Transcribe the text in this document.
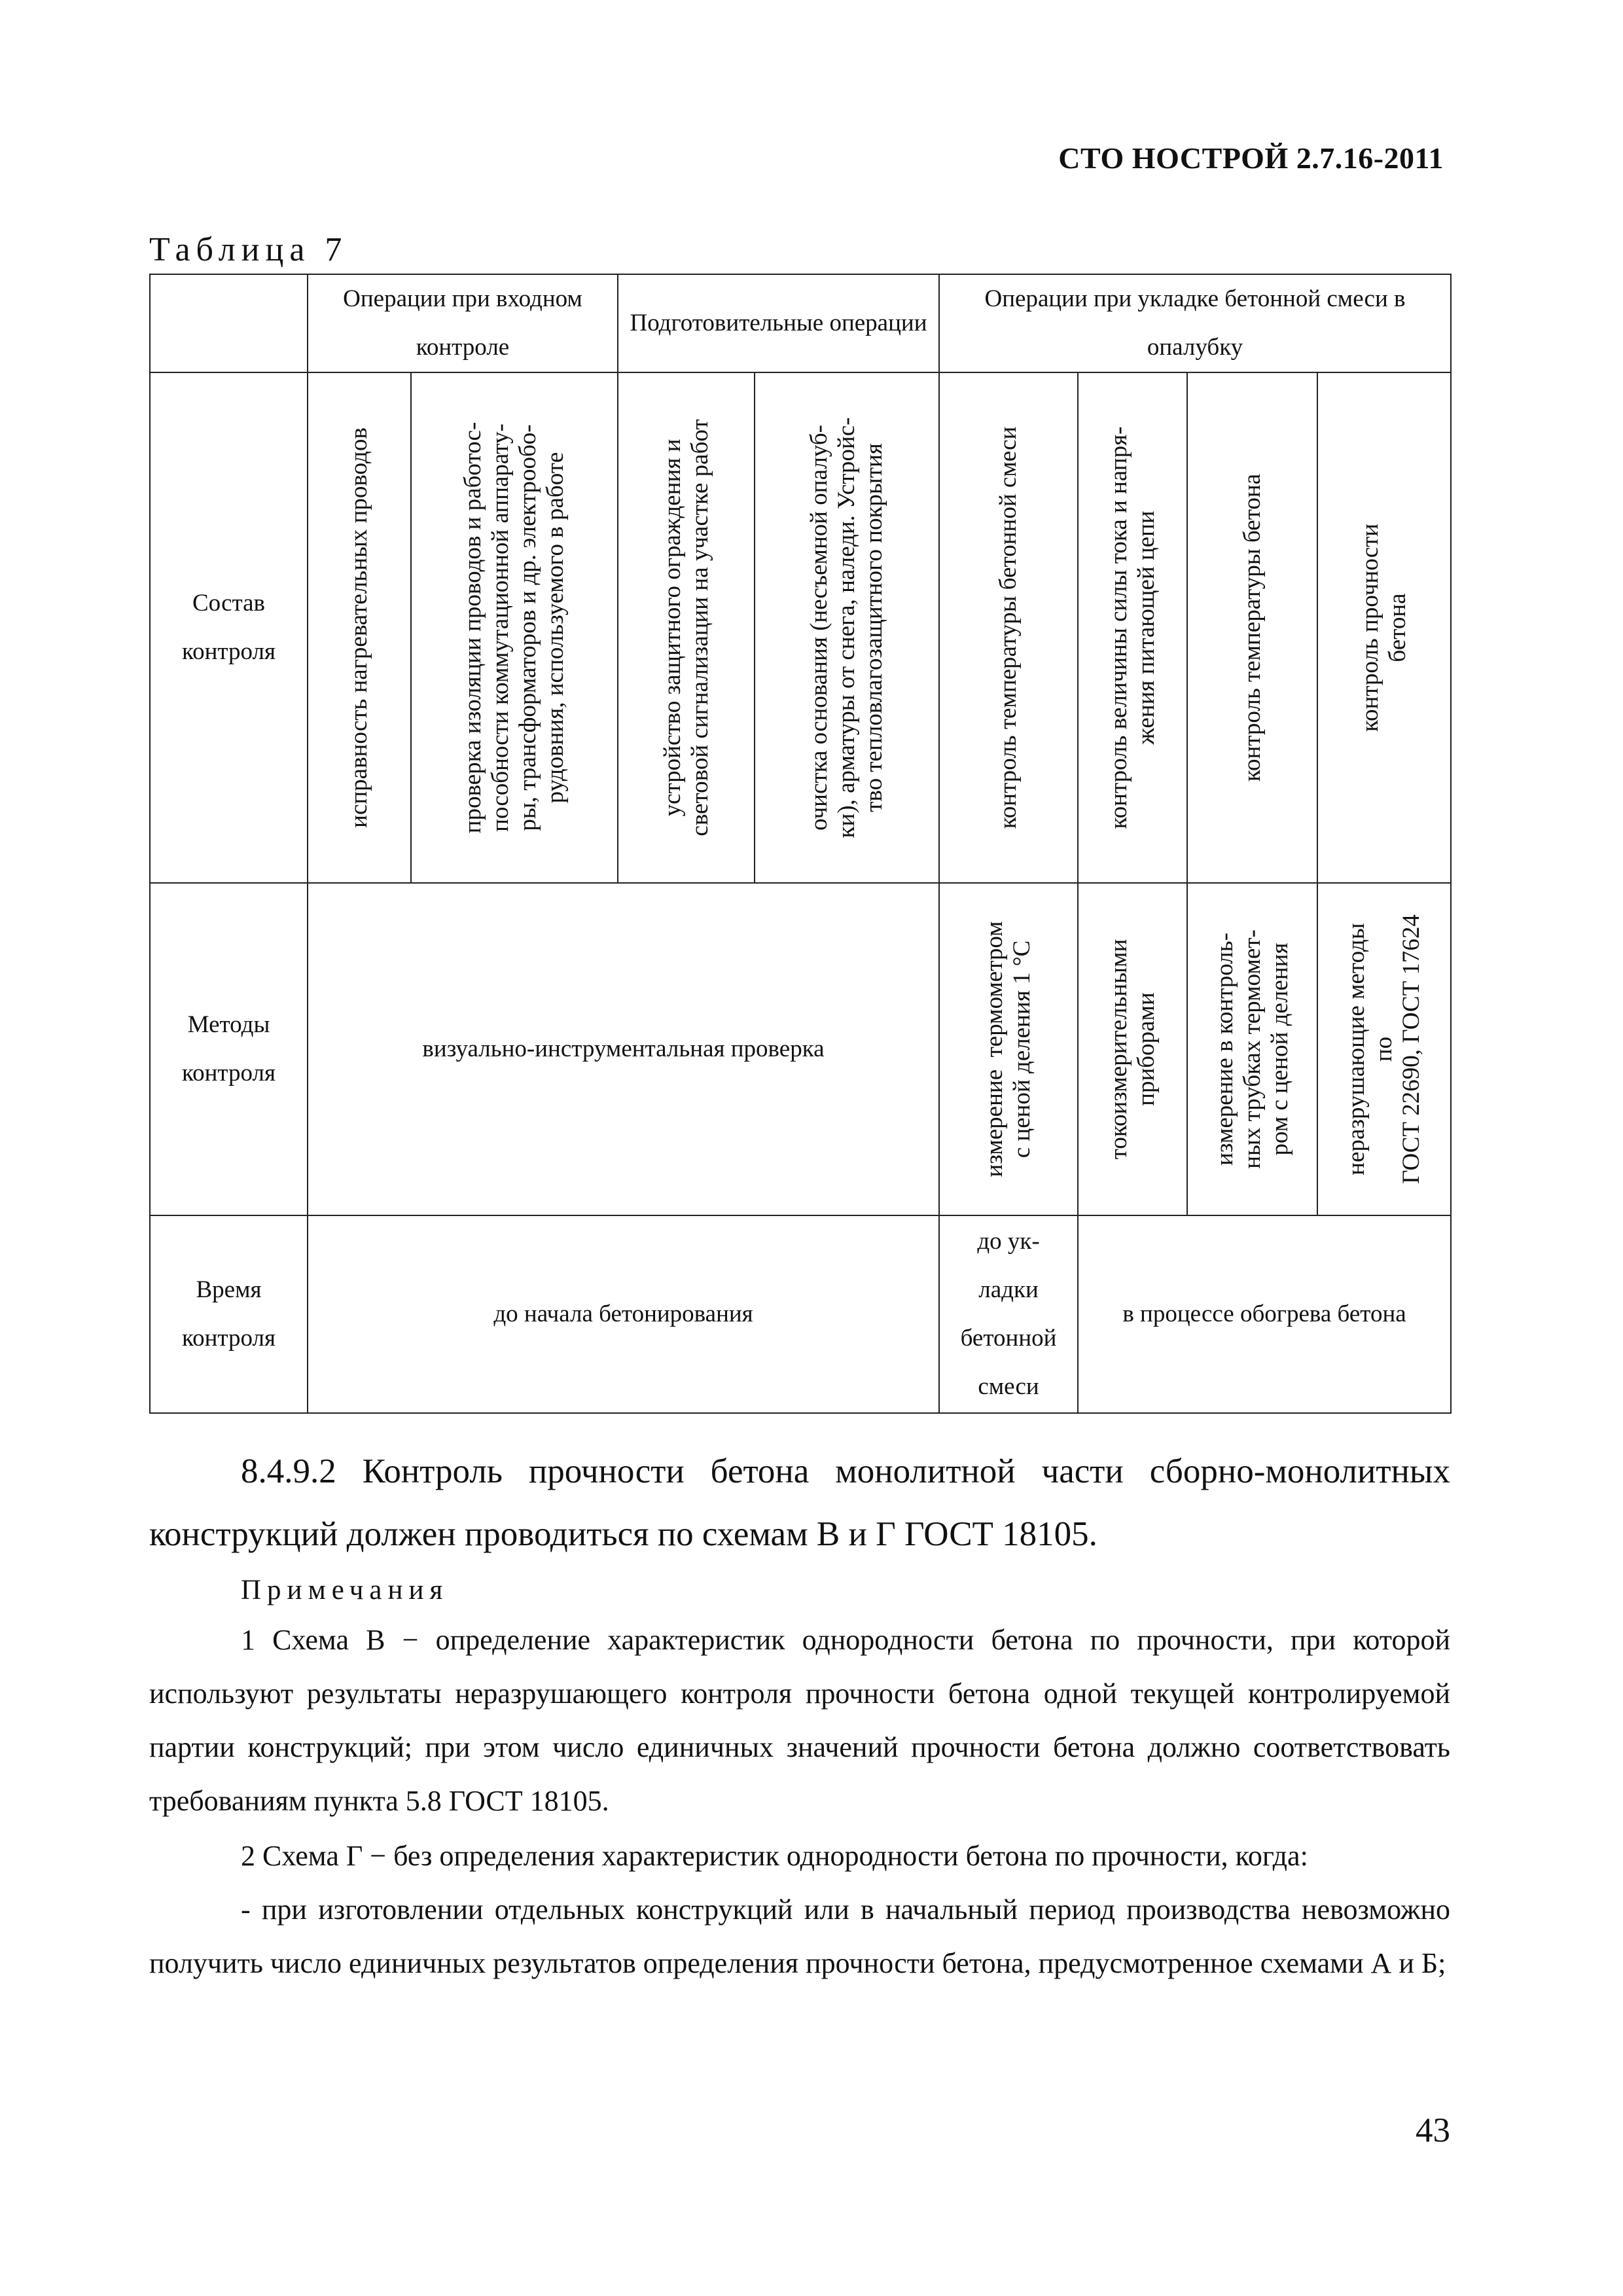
СТО НОСТРОЙ 2.7.16-2011
Таблица 7
	Операции при входном контроле		Подготовительные операции		Операции при укладке бетонной смеси в опалубку			
Состав контроля	исправность нагревательных проводов	проверка изоляции проводов и работос-
пособности коммутационной аппарату-
ры, трансформаторов и др. электрообо-
рудовния, используемого в работе	устройство защитного ограждения и
световой сигнализации на участке работ	очистка основания (несъемной опалуб-
ки), арматуры от снега, наледи. Устройс-
тво тепловлагозащитного покрытия	контроль температуры бетонной смеси	контроль величины силы тока и напря-
жения питающей цепи	контроль температуры бетона	контроль прочности
бетона

Методы контроля	визуально-инструментальная проверка				измерение  термометром
с ценой деления 1 °С	токоизмерительными
приборами	измерение в контроль-
ных трубках термомет-
ром с ценой деления	неразрушающие методы
по
ГОСТ 22690, ГОСТ 17624

Время контроля	до начала бетонирования				до ук-
ладки
бетонной
смеси	в процессе обогрева бетона		
8.4.9.2 Контроль прочности бетона монолитной части сборно-монолитных конструкций должен проводиться по схемам В и Г ГОСТ 18105.
Примечания
1 Схема В − определение характеристик однородности бетона по прочности, при которой используют результаты неразрушающего контроля прочности бетона одной текущей контролируемой партии конструкций; при этом число единичных значений прочности бетона должно соответствовать требованиям пункта 5.8 ГОСТ 18105.
2 Схема Г − без определения характеристик однородности бетона по прочности, когда:
- при изготовлении отдельных конструкций или в начальный период производства невозможно получить число единичных результатов определения прочности бетона, предусмотренное схемами А и Б;
43
